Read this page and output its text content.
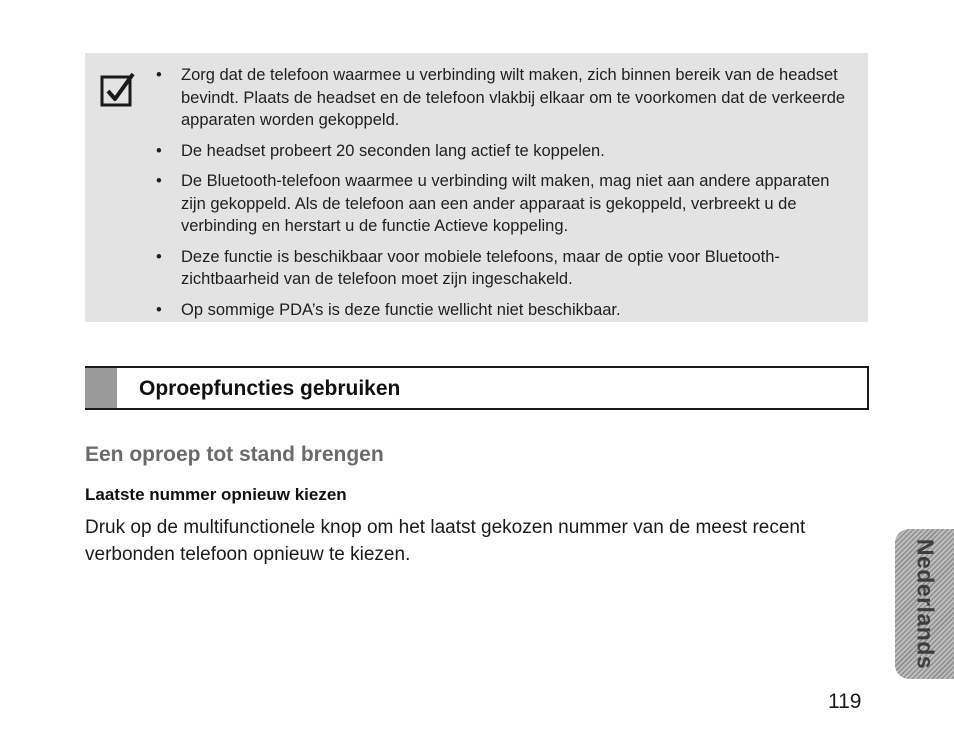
• Zorg dat de telefoon waarmee u verbinding wilt maken, zich binnen bereik van de headset bevindt. Plaats de headset en de telefoon vlakbij elkaar om te voorkomen dat de verkeerde apparaten worden gekoppeld.
• De headset probeert 20 seconden lang actief te koppelen.
• De Bluetooth-telefoon waarmee u verbinding wilt maken, mag niet aan andere apparaten zijn gekoppeld. Als de telefoon aan een ander apparaat is gekoppeld, verbreekt u de verbinding en herstart u de functie Actieve koppeling.
• Deze functie is beschikbaar voor mobiele telefoons, maar de optie voor Bluetooth-zichtbaarheid van de telefoon moet zijn ingeschakeld.
• Op sommige PDA’s is deze functie wellicht niet beschikbaar.
Oproepfuncties gebruiken
Een oproep tot stand brengen
Laatste nummer opnieuw kiezen
Druk op de multifunctionele knop om het laatst gekozen nummer van de meest recent verbonden telefoon opnieuw te kiezen.	Nederlands
119
